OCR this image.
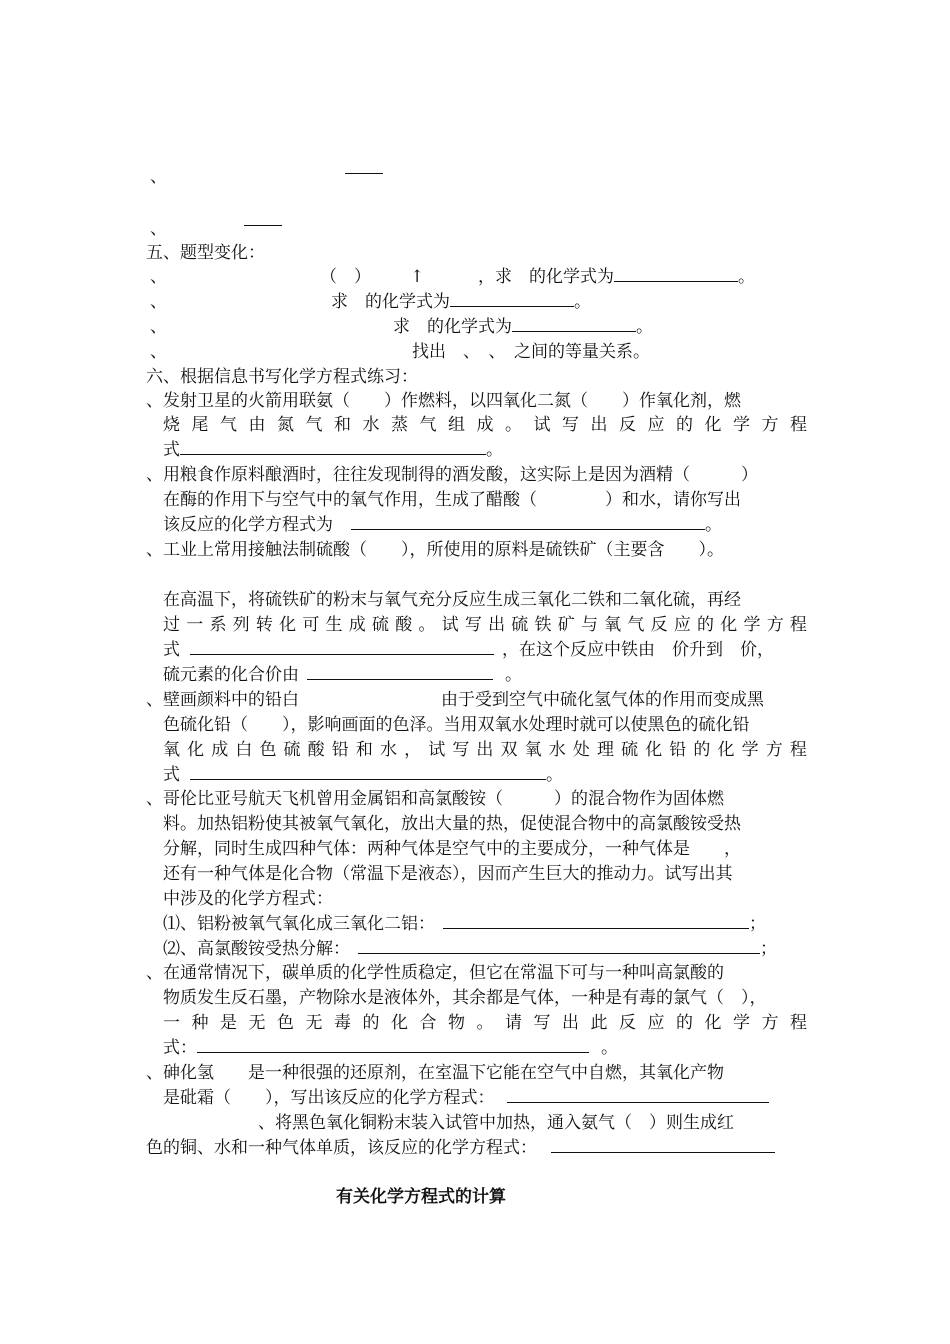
、
、
五、题型变化：
、	（　） ↑	，求　的化学式为	。
、	求　的化学式为	。
、	求　的化学式为	。
、	找出　、　、　之间的等量关系。
六、根据信息书写化学方程式练习：
、发射卫星的火箭用联氨（　　）作燃料，以四氧化二氮（　　）作氧化剂，燃
烧 尾 气 由 氮 气 和 水 蒸 气 组 成 。 试 写 出 反 应 的 化 学 方 程
式	。
、用粮食作原料酿酒时，往往发现制得的酒发酸，这实际上是因为酒精（　　　）
在酶的作用下与空气中的氧气作用，生成了醋酸（　　　　）和水，请你写出
该反应的化学方程式为	。
、工业上常用接触法制硫酸（　　），所使用的原料是硫铁矿（主要含　　）。
在高温下，将硫铁矿的粉末与氧气充分反应生成三氧化二铁和二氧化硫，再经
过 一 系 列 转 化 可 生 成 硫 酸 。 试 写 出 硫 铁 矿 与 氧 气 反 应 的 化 学 方 程
式	，在这个反应中铁由　价升到　价，
硫元素的化合价由	。
、壁画颜料中的铅白	由于受到空气中硫化氢气体的作用而变成黑
色硫化铅（　　），影响画面的色泽。当用双氧水处理时就可以使黑色的硫化铅
氧 化 成 白 色 硫 酸 铅 和 水 ， 试 写 出 双 氧 水 处 理 硫 化 铅 的 化 学 方 程
式	。
、哥伦比亚号航天飞机曾用金属铝和高氯酸铵（　　　）的混合物作为固体燃
料。加热铝粉使其被氧气氧化，放出大量的热，促使混合物中的高氯酸铵受热
分解，同时生成四种气体：两种气体是空气中的主要成分，一种气体是　　，
还有一种气体是化合物（常温下是液态），因而产生巨大的推动力。试写出其
中涉及的化学方程式：
⑴、铝粉被氧气氧化成三氧化二铝：	；
⑵、高氯酸铵受热分解：	；
、在通常情况下，碳单质的化学性质稳定，但它在常温下可与一种叫高氯酸的
物质发生反石墨，产物除水是液体外，其余都是气体，一种是有毒的氯气（　），
一 种 是 无 色 无 毒 的 化 合 物 。 请 写 出 此 反 应 的 化 学 方 程
式：	。
、砷化氢　　是一种很强的还原剂，在室温下它能在空气中自燃，其氧化产物
是砒霜（　　），写出该反应的化学方程式：
、将黑色氧化铜粉末装入试管中加热，通入氨气（　）则生成红
色的铜、水和一种气体单质，该反应的化学方程式：
有关化学方程式的计算
